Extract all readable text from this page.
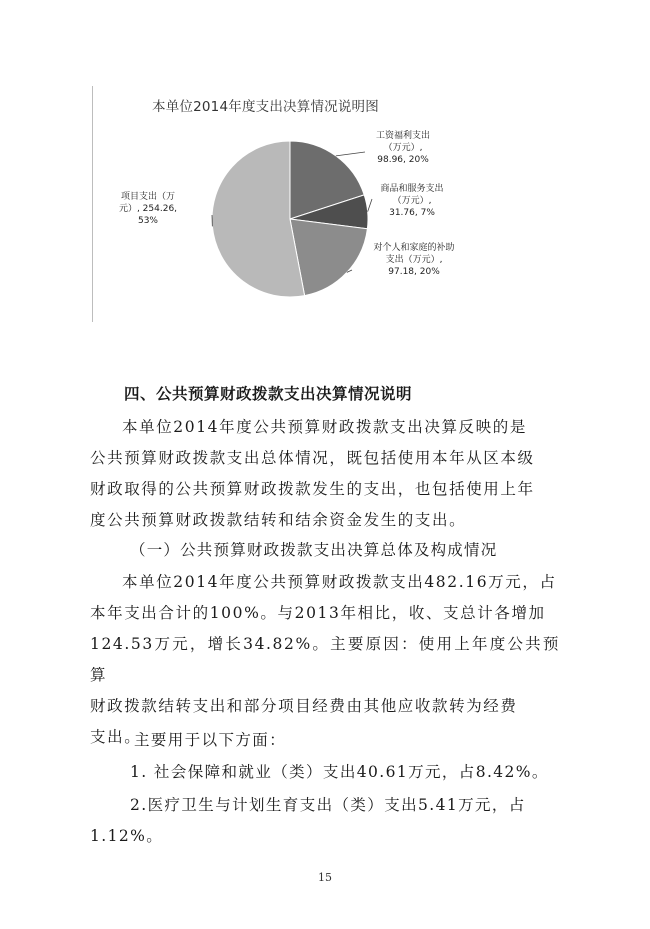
本单位2014年度支出决算情况说明图
工资福利支出（万元）, 98.96, 20%
商品和服务支出（万元）, 31.76, 7%
对个人和家庭的补助支出（万元）, 97.18, 20%
项目支出（万元）, 254.26, 53%
四、公共预算财政拨款支出决算情况说明

本单位2014年度公共预算财政拨款支出决算反映的是

公共预算财政拨款支出总体情况，既包括使用本年从区本级

财政取得的公共预算财政拨款发生的支出，也包括使用上年

度公共预算财政拨款结转和结余资金发生的支出。

（一）公共预算财政拨款支出决算总体及构成情况

本单位2014年度公共预算财政拨款支出482.16万元，占

本年支出合计的100%。与2013年相比，收、支总计各增加

124.53万元，增长34.82%。主要原因：使用上年度公共预算

财政拨款结转支出和部分项目经费由其他应收款转为经费

支出。

主要用于以下方面：
1. 社会保障和就业（类）支出40.61万元，占8.42%。
2.医疗卫生与计划生育支出（类）支出5.41万元，占
1.12%。
15
